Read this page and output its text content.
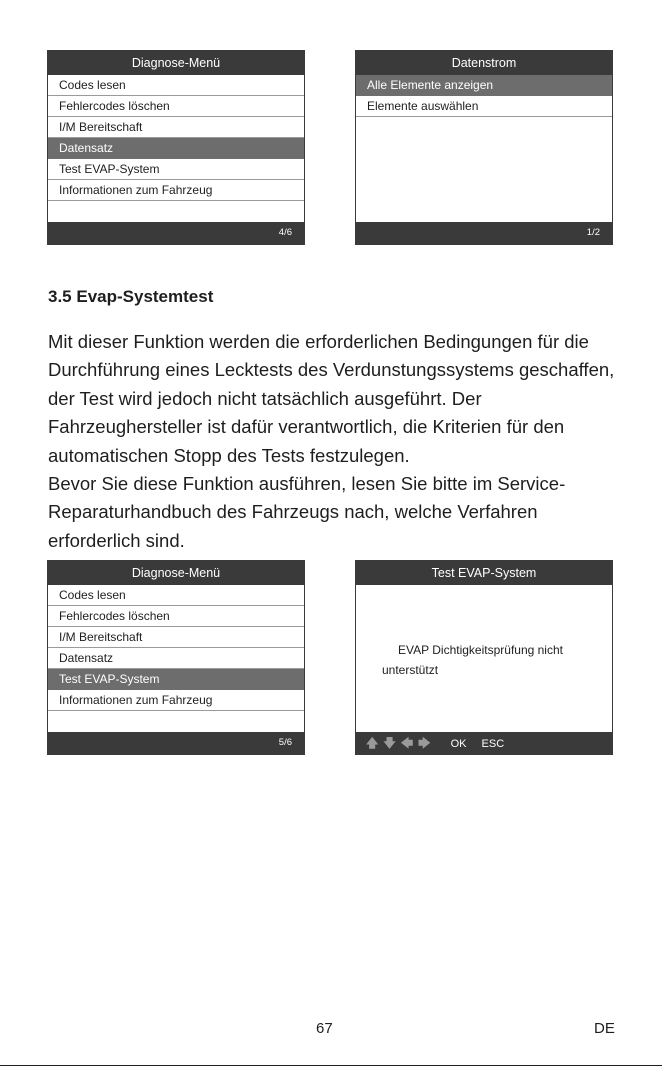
Diagnose-Menü
Codes lesen
Fehlercodes löschen
I/M Bereitschaft
Datensatz
Test EVAP-System
Informationen zum Fahrzeug
4/6
Datenstrom
Alle Elemente anzeigen
Elemente auswählen
1/2
3.5 Evap-Systemtest

Mit dieser Funktion werden die erforderlichen Bedingungen für die Durchführung eines Lecktests des Verdunstungssystems geschaffen, der Test wird jedoch nicht tatsächlich ausgeführt. Der Fahrzeughersteller ist dafür verantwortlich, die Kriterien für den automatischen Stopp des Tests festzulegen.

Bevor Sie diese Funktion ausführen, lesen Sie bitte im Service-Reparaturhandbuch des Fahrzeugs nach, welche Verfahren erforderlich sind.

Diagnose-Menü
Codes lesen
Fehlercodes löschen
I/M Bereitschaft
Datensatz
Test EVAP-System
Informationen zum Fahrzeug
5/6
Test EVAP-System
EVAP Dichtigkeitsprüfung nicht unterstützt
🡅 🡇 🡄 🡆 OK ESC
67	DE
